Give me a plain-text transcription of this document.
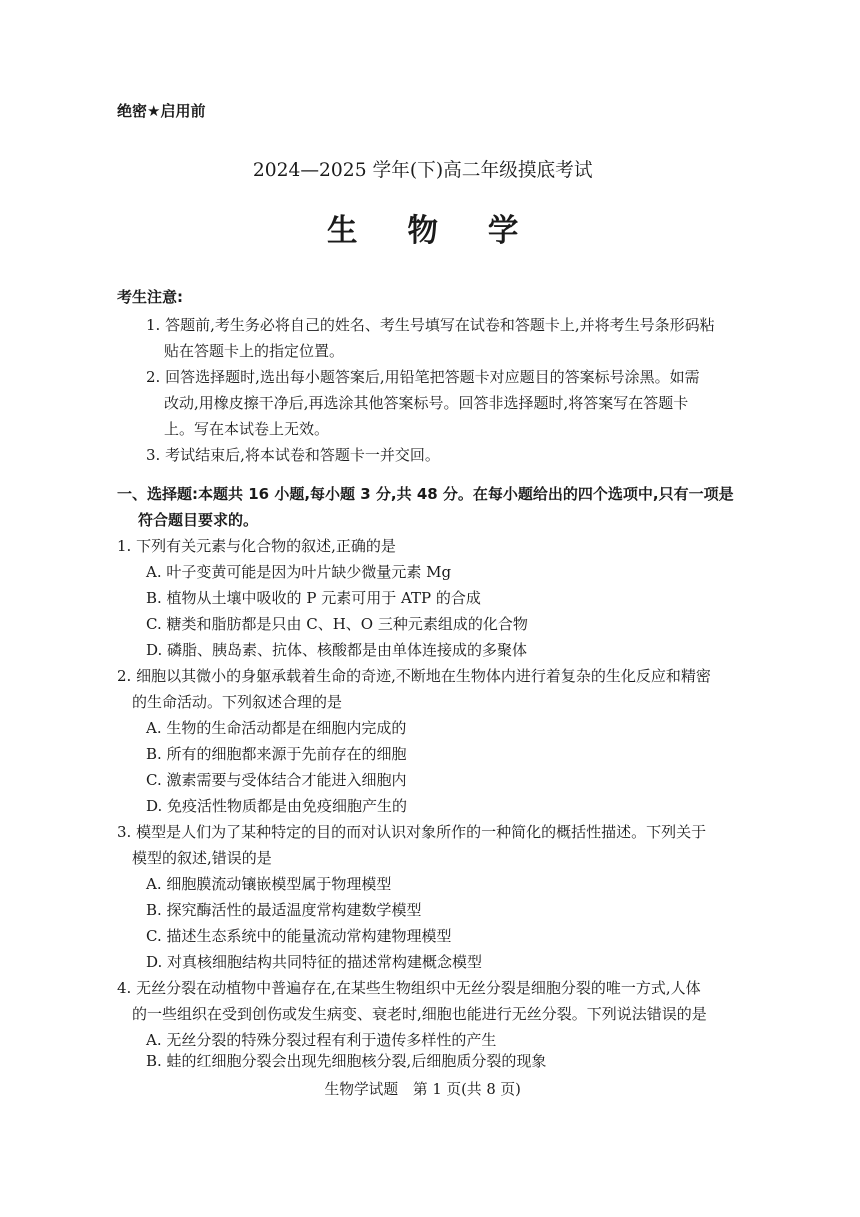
绝密★启用前
2024—2025 学年(下)高二年级摸底考试
生 物 学
考生注意:
1. 答题前,考生务必将自己的姓名、考生号填写在试卷和答题卡上,并将考生号条形码粘
贴在答题卡上的指定位置。
2. 回答选择题时,选出每小题答案后,用铅笔把答题卡对应题目的答案标号涂黑。如需
改动,用橡皮擦干净后,再选涂其他答案标号。回答非选择题时,将答案写在答题卡
上。写在本试卷上无效。
3. 考试结束后,将本试卷和答题卡一并交回。
一、选择题:本题共 16 小题,每小题 3 分,共 48 分。在每小题给出的四个选项中,只有一项是
符合题目要求的。
1. 下列有关元素与化合物的叙述,正确的是
A. 叶子变黄可能是因为叶片缺少微量元素 Mg
B. 植物从土壤中吸收的 P 元素可用于 ATP 的合成
C. 糖类和脂肪都是只由 C、H、O 三种元素组成的化合物
D. 磷脂、胰岛素、抗体、核酸都是由单体连接成的多聚体
2. 细胞以其微小的身躯承载着生命的奇迹,不断地在生物体内进行着复杂的生化反应和精密
的生命活动。下列叙述合理的是
A. 生物的生命活动都是在细胞内完成的
B. 所有的细胞都来源于先前存在的细胞
C. 激素需要与受体结合才能进入细胞内
D. 免疫活性物质都是由免疫细胞产生的
3. 模型是人们为了某种特定的目的而对认识对象所作的一种简化的概括性描述。下列关于
模型的叙述,错误的是
A. 细胞膜流动镶嵌模型属于物理模型
B. 探究酶活性的最适温度常构建数学模型
C. 描述生态系统中的能量流动常构建物理模型
D. 对真核细胞结构共同特征的描述常构建概念模型
4. 无丝分裂在动植物中普遍存在,在某些生物组织中无丝分裂是细胞分裂的唯一方式,人体
的一些组织在受到创伤或发生病变、衰老时,细胞也能进行无丝分裂。下列说法错误的是
A. 无丝分裂的特殊分裂过程有利于遗传多样性的产生
B. 蛙的红细胞分裂会出现先细胞核分裂,后细胞质分裂的现象
生物学试题　第 1 页(共 8 页)
